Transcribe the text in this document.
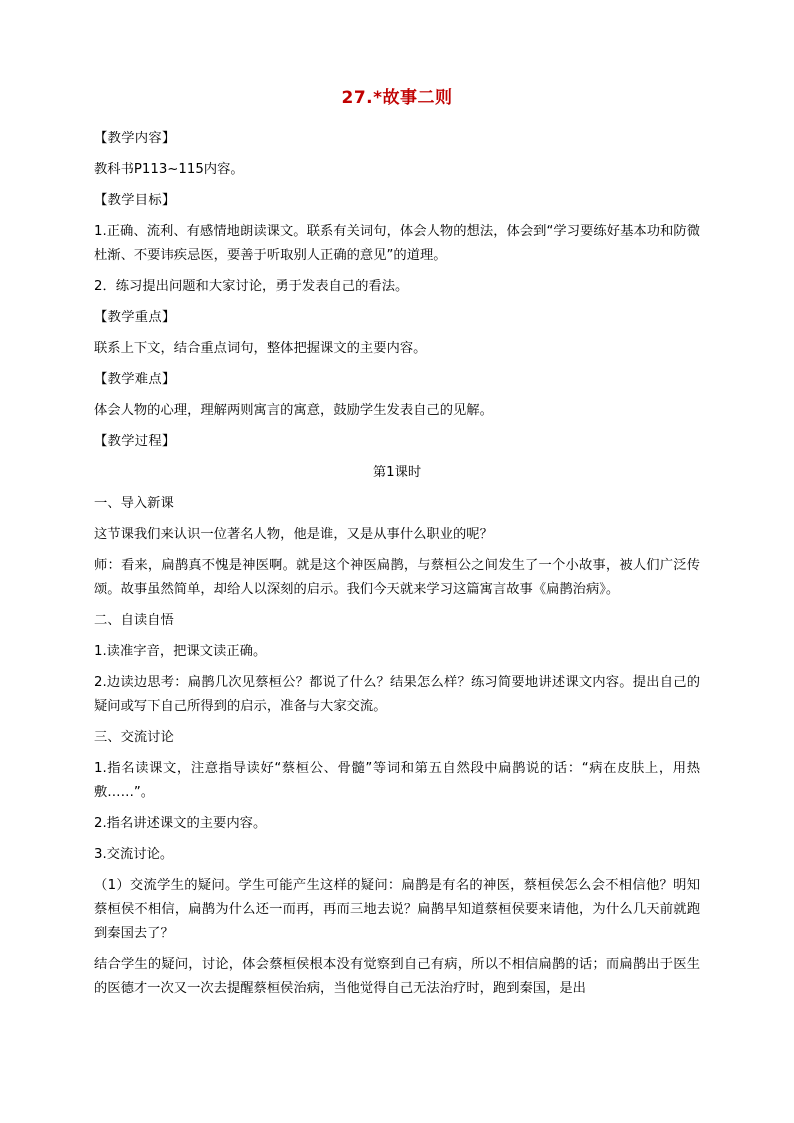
27.*故事二则
【教学内容】
教科书P113~115内容。
【教学目标】
1.正确、流利、有感情地朗读课文。联系有关词句，体会人物的想法，体会到“学习要练好基本功和防微杜渐、不要讳疾忌医，要善于听取别人正确的意见”的道理。
2．练习提出问题和大家讨论，勇于发表自己的看法。
【教学重点】
联系上下文，结合重点词句，整体把握课文的主要内容。
【教学难点】
体会人物的心理，理解两则寓言的寓意，鼓励学生发表自己的见解。
【教学过程】
第1课时
一、导入新课
这节课我们来认识一位著名人物，他是谁，又是从事什么职业的呢？
师：看来，扁鹊真不愧是神医啊。就是这个神医扁鹊，与蔡桓公之间发生了一个小故事，被人们广泛传颂。故事虽然简单，却给人以深刻的启示。我们今天就来学习这篇寓言故事《扁鹊治病》。
二、自读自悟
1.读准字音，把课文读正确。
2.边读边思考：扁鹊几次见蔡桓公？都说了什么？结果怎么样？练习简要地讲述课文内容。提出自己的疑问或写下自己所得到的启示，准备与大家交流。
三、交流讨论
1.指名读课文，注意指导读好“蔡桓公、骨髓”等词和第五自然段中扁鹊说的话：“病在皮肤上，用热敷……”。
2.指名讲述课文的主要内容。
3.交流讨论。
（1）交流学生的疑问。学生可能产生这样的疑问：扁鹊是有名的神医，蔡桓侯怎么会不相信他？明知蔡桓侯不相信，扁鹊为什么还一而再，再而三地去说？扁鹊早知道蔡桓侯要来请他，为什么几天前就跑到秦国去了？
结合学生的疑问，讨论，体会蔡桓侯根本没有觉察到自己有病，所以不相信扁鹊的话；而扁鹊出于医生的医德才一次又一次去提醒蔡桓侯治病，当他觉得自己无法治疗时，跑到秦国，是出
